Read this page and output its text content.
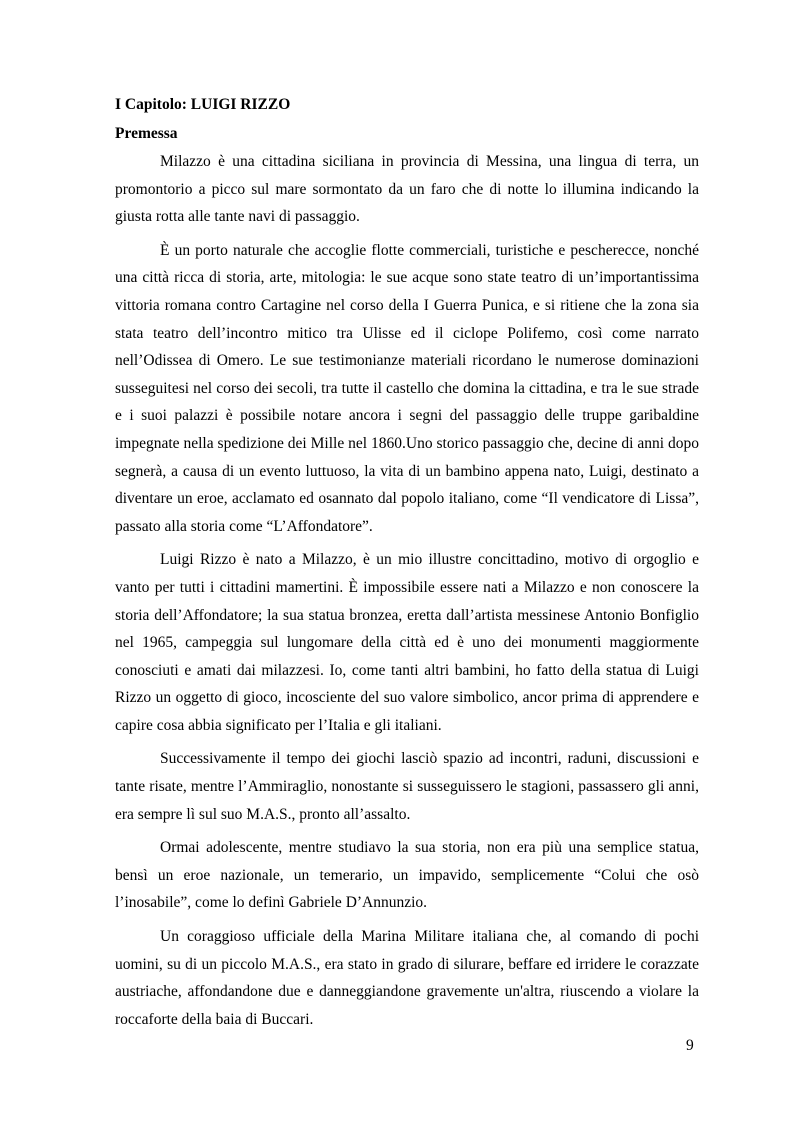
I Capitolo: LUIGI RIZZO

Premessa

Milazzo è una cittadina siciliana in provincia di Messina, una lingua di terra, un promontorio a picco sul mare sormontato da un faro che di notte lo illumina indicando la giusta rotta alle tante navi di passaggio.

È un porto naturale che accoglie flotte commerciali, turistiche e pescherecce, nonché una città ricca di storia, arte, mitologia: le sue acque sono state teatro di un’importantissima vittoria romana contro Cartagine nel corso della I Guerra Punica, e si ritiene che la zona sia stata teatro dell’incontro mitico tra Ulisse ed il ciclope Polifemo, così come narrato nell’Odissea di Omero. Le sue testimonianze materiali ricordano le numerose dominazioni susseguitesi nel corso dei secoli, tra tutte il castello che domina la cittadina, e tra le sue strade e i suoi palazzi è possibile notare ancora i segni del passaggio delle truppe garibaldine impegnate nella spedizione dei Mille nel 1860.Uno storico passaggio che, decine di anni dopo segnerà, a causa di un evento luttuoso, la vita di un bambino appena nato, Luigi, destinato a diventare un eroe, acclamato ed osannato dal popolo italiano, come “Il vendicatore di Lissa”, passato alla storia come “L’Affondatore”.

Luigi Rizzo è nato a Milazzo, è un mio illustre concittadino, motivo di orgoglio e vanto per tutti i cittadini mamertini. È impossibile essere nati a Milazzo e non conoscere la storia dell’Affondatore; la sua statua bronzea, eretta dall’artista messinese Antonio Bonfiglio nel 1965, campeggia sul lungomare della città ed è uno dei monumenti maggiormente conosciuti e amati dai milazzesi. Io, come tanti altri bambini, ho fatto della statua di Luigi Rizzo un oggetto di gioco, incosciente del suo valore simbolico, ancor prima di apprendere e capire cosa abbia significato per l’Italia e gli italiani.

Successivamente il tempo dei giochi lasciò spazio ad incontri, raduni, discussioni e tante risate, mentre l’Ammiraglio, nonostante si susseguissero le stagioni, passassero gli anni, era sempre lì sul suo M.A.S., pronto all’assalto.

Ormai adolescente, mentre studiavo la sua storia, non era più una semplice statua, bensì un eroe nazionale, un temerario, un impavido, semplicemente “Colui che osò l’inosabile”, come lo definì Gabriele D’Annunzio.

Un coraggioso ufficiale della Marina Militare italiana che, al comando di pochi uomini, su di un piccolo M.A.S., era stato in grado di silurare, beffare ed irridere le corazzate austriache, affondandone due e danneggiandone gravemente un'altra, riuscendo a violare la roccaforte della baia di Buccari.

9
